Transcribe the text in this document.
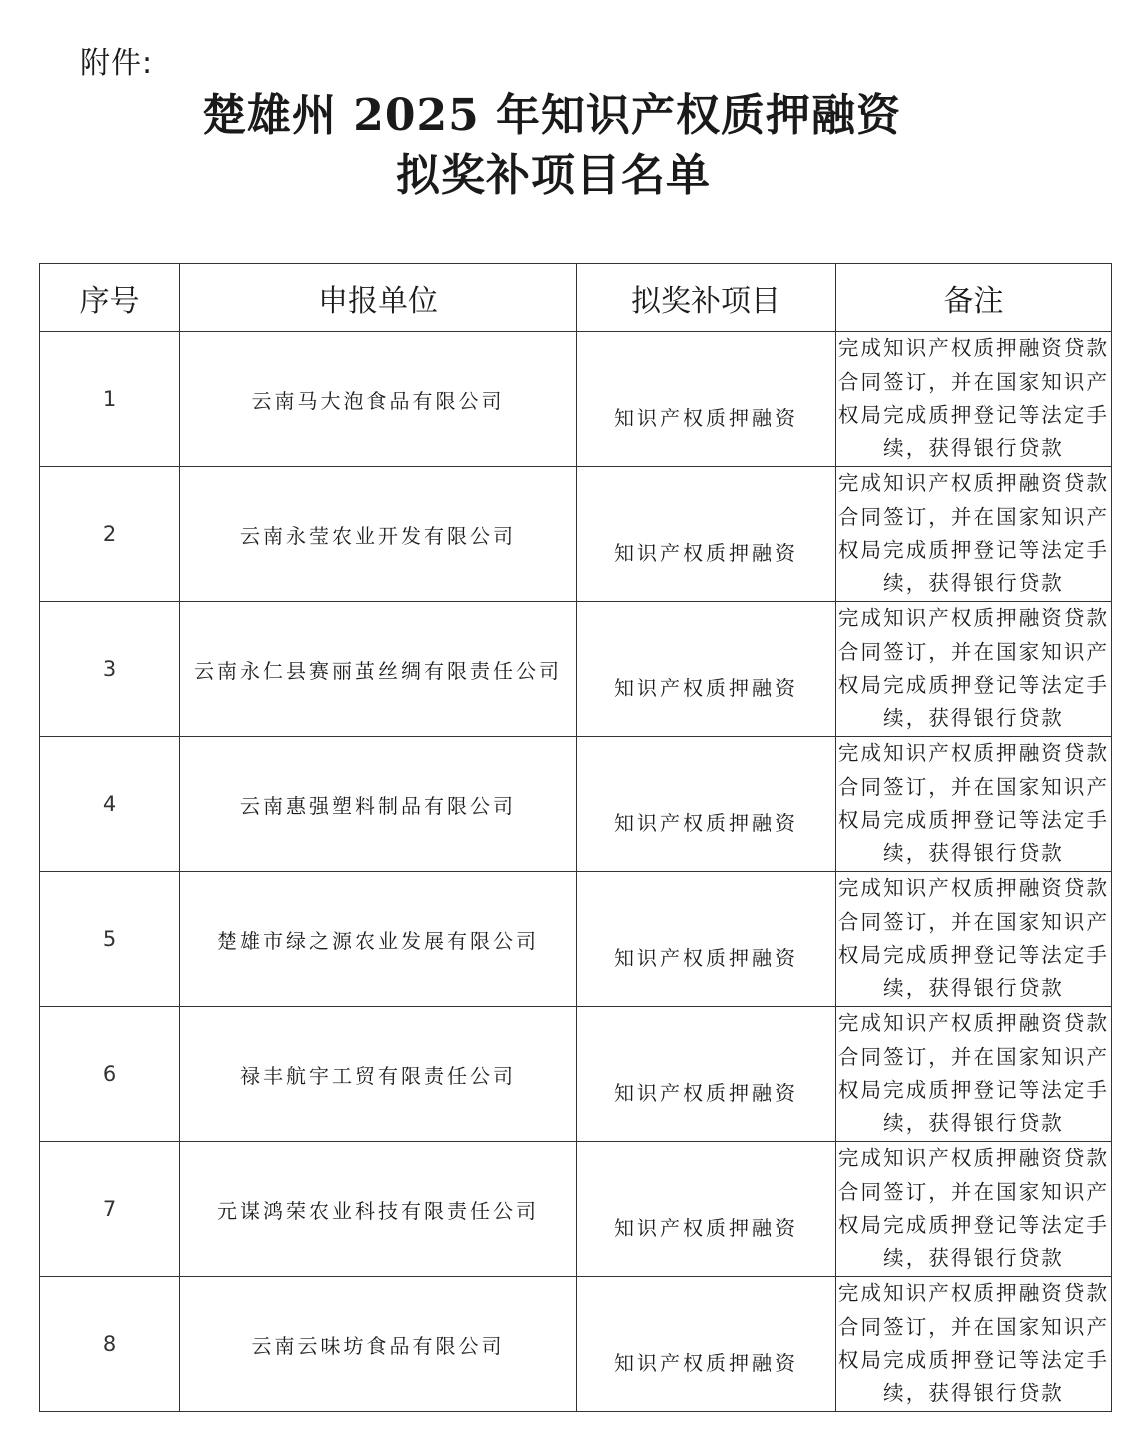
附件:
楚雄州 2025 年知识产权质押融资
拟奖补项目名单
序号	申报单位	拟奖补项目	备注
1	云南马大泡食品有限公司	知识产权质押融资	完成知识产权质押融资贷款合同签订，并在国家知识产权局完成质押登记等法定手续，获得银行贷款
2	云南永莹农业开发有限公司	知识产权质押融资	完成知识产权质押融资贷款合同签订，并在国家知识产权局完成质押登记等法定手续，获得银行贷款
3	云南永仁县赛丽茧丝绸有限责任公司	知识产权质押融资	完成知识产权质押融资贷款合同签订，并在国家知识产权局完成质押登记等法定手续，获得银行贷款
4	云南惠强塑料制品有限公司	知识产权质押融资	完成知识产权质押融资贷款合同签订，并在国家知识产权局完成质押登记等法定手续，获得银行贷款
5	楚雄市绿之源农业发展有限公司	知识产权质押融资	完成知识产权质押融资贷款合同签订，并在国家知识产权局完成质押登记等法定手续，获得银行贷款
6	禄丰航宇工贸有限责任公司	知识产权质押融资	完成知识产权质押融资贷款合同签订，并在国家知识产权局完成质押登记等法定手续，获得银行贷款
7	元谋鸿荣农业科技有限责任公司	知识产权质押融资	完成知识产权质押融资贷款合同签订，并在国家知识产权局完成质押登记等法定手续，获得银行贷款
8	云南云味坊食品有限公司	知识产权质押融资	完成知识产权质押融资贷款合同签订，并在国家知识产权局完成质押登记等法定手续，获得银行贷款
